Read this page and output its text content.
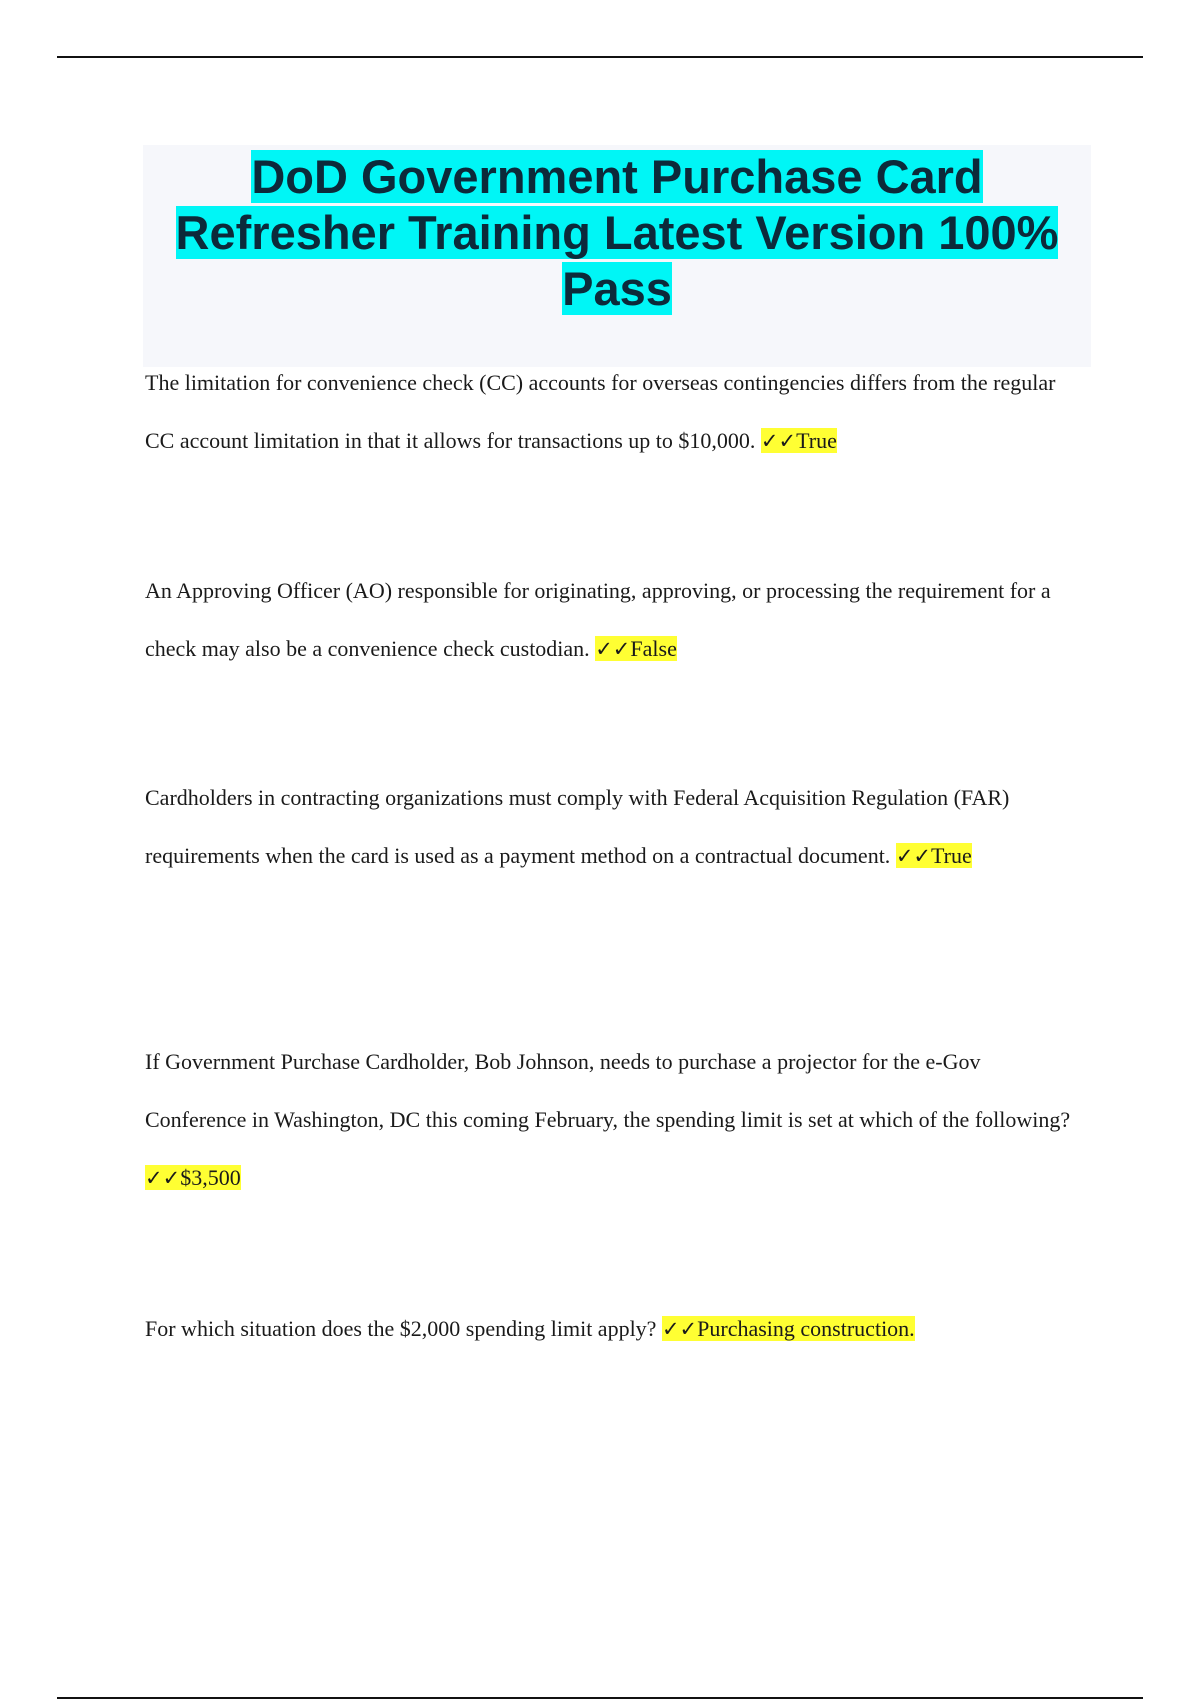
DoD Government Purchase Card Refresher Training Latest Version 100% Pass

The limitation for convenience check (CC) accounts for overseas contingencies differs from the regular CC account limitation in that it allows for transactions up to $10,000. ✓✓True

An Approving Officer (AO) responsible for originating, approving, or processing the requirement for a check may also be a convenience check custodian. ✓✓False

Cardholders in contracting organizations must comply with Federal Acquisition Regulation (FAR) requirements when the card is used as a payment method on a contractual document. ✓✓True

If Government Purchase Cardholder, Bob Johnson, needs to purchase a projector for the e-Gov Conference in Washington, DC this coming February, the spending limit is set at which of the following? ✓✓$3,500

For which situation does the $2,000 spending limit apply? ✓✓Purchasing construction.
